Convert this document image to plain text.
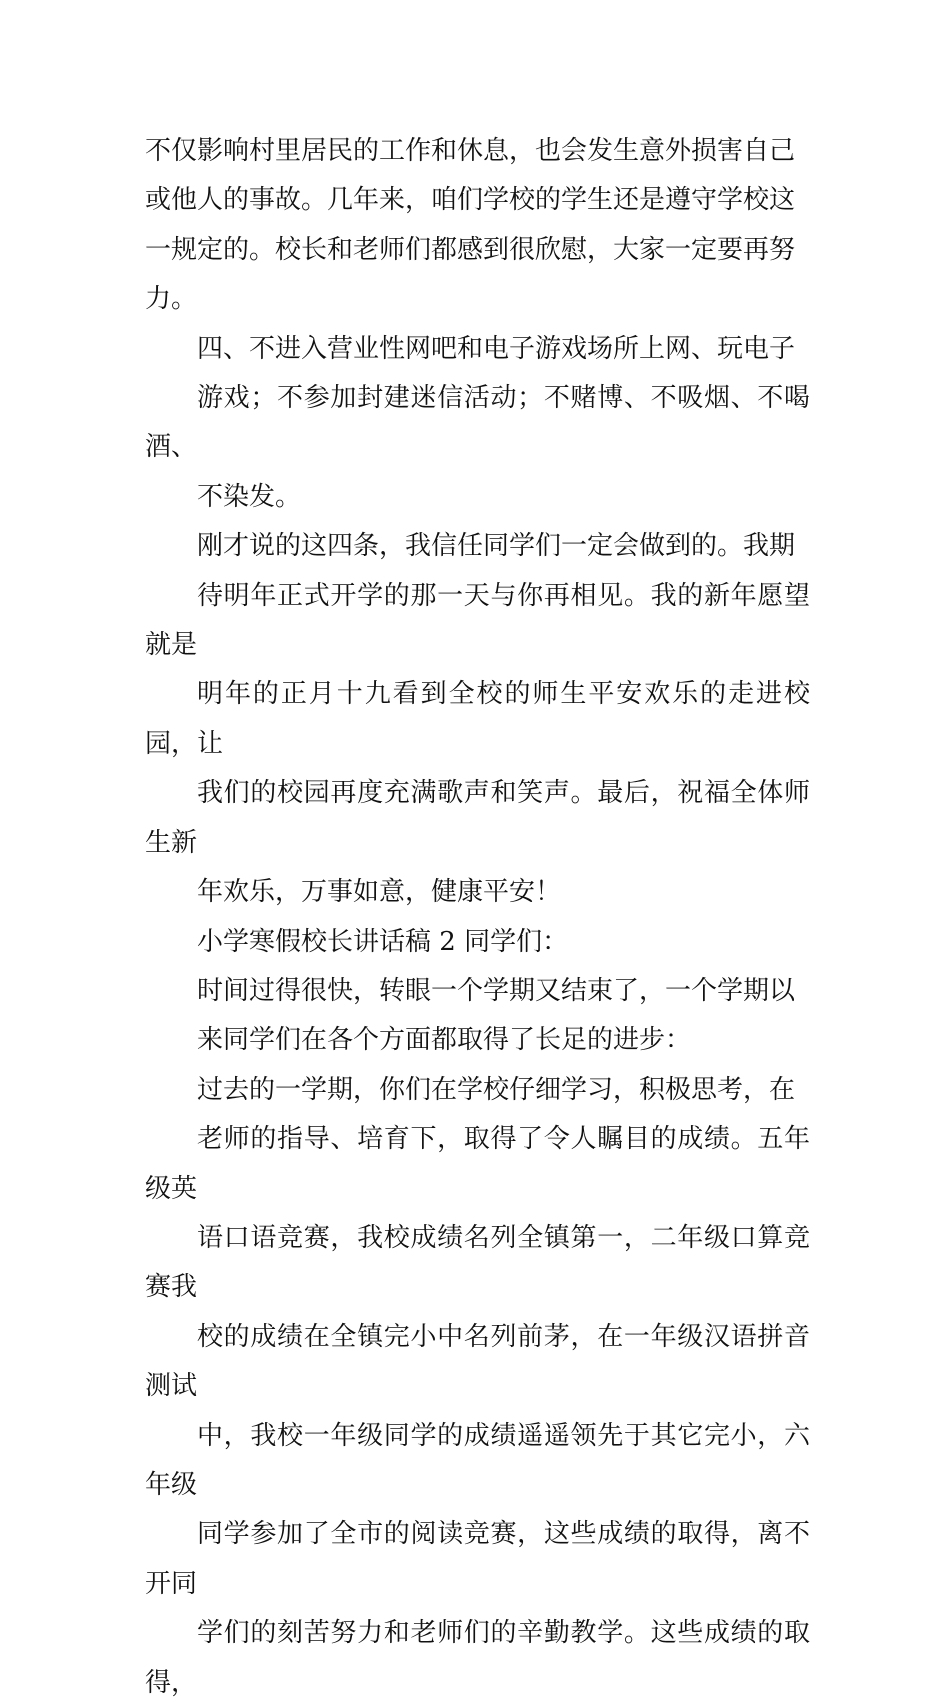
不仅影响村里居民的工作和休息，也会发生意外损害自己
或他人的事故。几年来，咱们学校的学生还是遵守学校这
一规定的。校长和老师们都感到很欣慰，大家一定要再努
力。
四、不进入营业性网吧和电子游戏场所上网、玩电子
游戏；不参加封建迷信活动；不赌博、不吸烟、不喝酒、
不染发。
刚才说的这四条，我信任同学们一定会做到的。我期
待明年正式开学的那一天与你再相见。我的新年愿望就是
明年的正月十九看到全校的师生平安欢乐的走进校园，让
我们的校园再度充满歌声和笑声。最后，祝福全体师生新
年欢乐，万事如意，健康平安！
小学寒假校长讲话稿 2 同学们：
时间过得很快，转眼一个学期又结束了，一个学期以
来同学们在各个方面都取得了长足的进步：
过去的一学期，你们在学校仔细学习，积极思考，在
老师的指导、培育下，取得了令人瞩目的成绩。五年级英
语口语竞赛，我校成绩名列全镇第一，二年级口算竞赛我
校的成绩在全镇完小中名列前茅，在一年级汉语拼音测试
中，我校一年级同学的成绩遥遥领先于其它完小，六年级
同学参加了全市的阅读竞赛，这些成绩的取得，离不开同
学们的刻苦努力和老师们的辛勤教学。这些成绩的取得，
